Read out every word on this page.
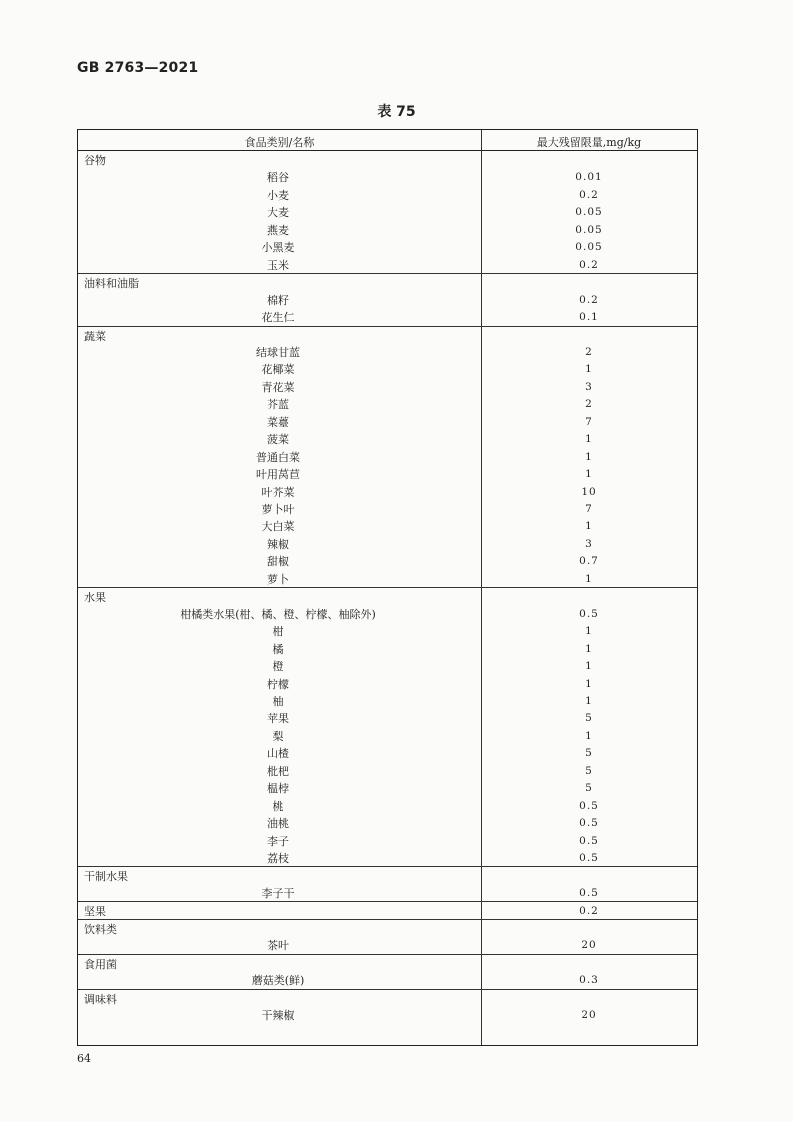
GB 2763—2021
表 75
食品类别/名称	最大残留限量,mg/kg
谷物
稻谷	0.01
小麦	0.2
大麦	0.05
燕麦	0.05
小黑麦	0.05
玉米	0.2
油料和油脂
棉籽	0.2
花生仁	0.1
蔬菜
结球甘蓝	2
花椰菜	1
青花菜	3
芥蓝	2
菜薹	7
菠菜	1
普通白菜	1
叶用莴苣	1
叶芥菜	10
萝卜叶	7
大白菜	1
辣椒	3
甜椒	0.7
萝卜	1
水果
柑橘类水果(柑、橘、橙、柠檬、柚除外)	0.5
柑	1
橘	1
橙	1
柠檬	1
柚	1
苹果	5
梨	1
山楂	5
枇杷	5
榅桲	5
桃	0.5
油桃	0.5
李子	0.5
荔枝	0.5
干制水果
李子干	0.5
坚果	0.2
饮料类
茶叶	20
食用菌
蘑菇类(鲜)	0.3
调味料
干辣椒	20
64
